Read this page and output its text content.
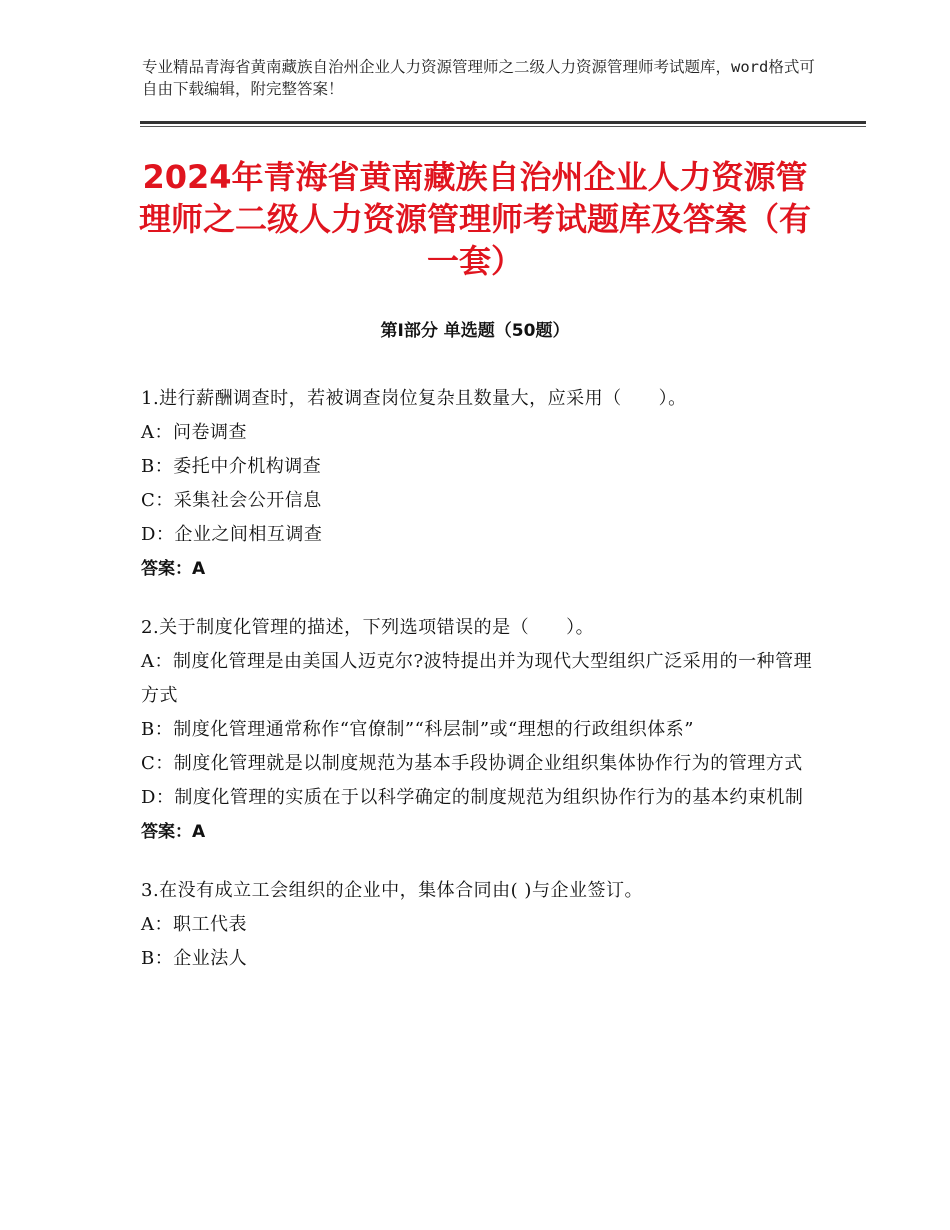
专业精品青海省黄南藏族自治州企业人力资源管理师之二级人力资源管理师考试题库，word格式可自由下载编辑，附完整答案！
2024年青海省黄南藏族自治州企业人力资源管理师之二级人力资源管理师考试题库及答案（有一套）
第Ⅰ部分 单选题（50题）
1.进行薪酬调查时，若被调查岗位复杂且数量大，应采用（　　）。
A：问卷调查
B：委托中介机构调查
C：采集社会公开信息
D：企业之间相互调查
答案：A
2.关于制度化管理的描述，下列选项错误的是（　　）。
A：制度化管理是由美国人迈克尔?波特提出并为现代大型组织广泛采用的一种管理方式
B：制度化管理通常称作“官僚制”“科层制”或“理想的行政组织体系”
C：制度化管理就是以制度规范为基本手段协调企业组织集体协作行为的管理方式
D：制度化管理的实质在于以科学确定的制度规范为组织协作行为的基本约束机制
答案：A
3.在没有成立工会组织的企业中，集体合同由( )与企业签订。
A：职工代表
B：企业法人
